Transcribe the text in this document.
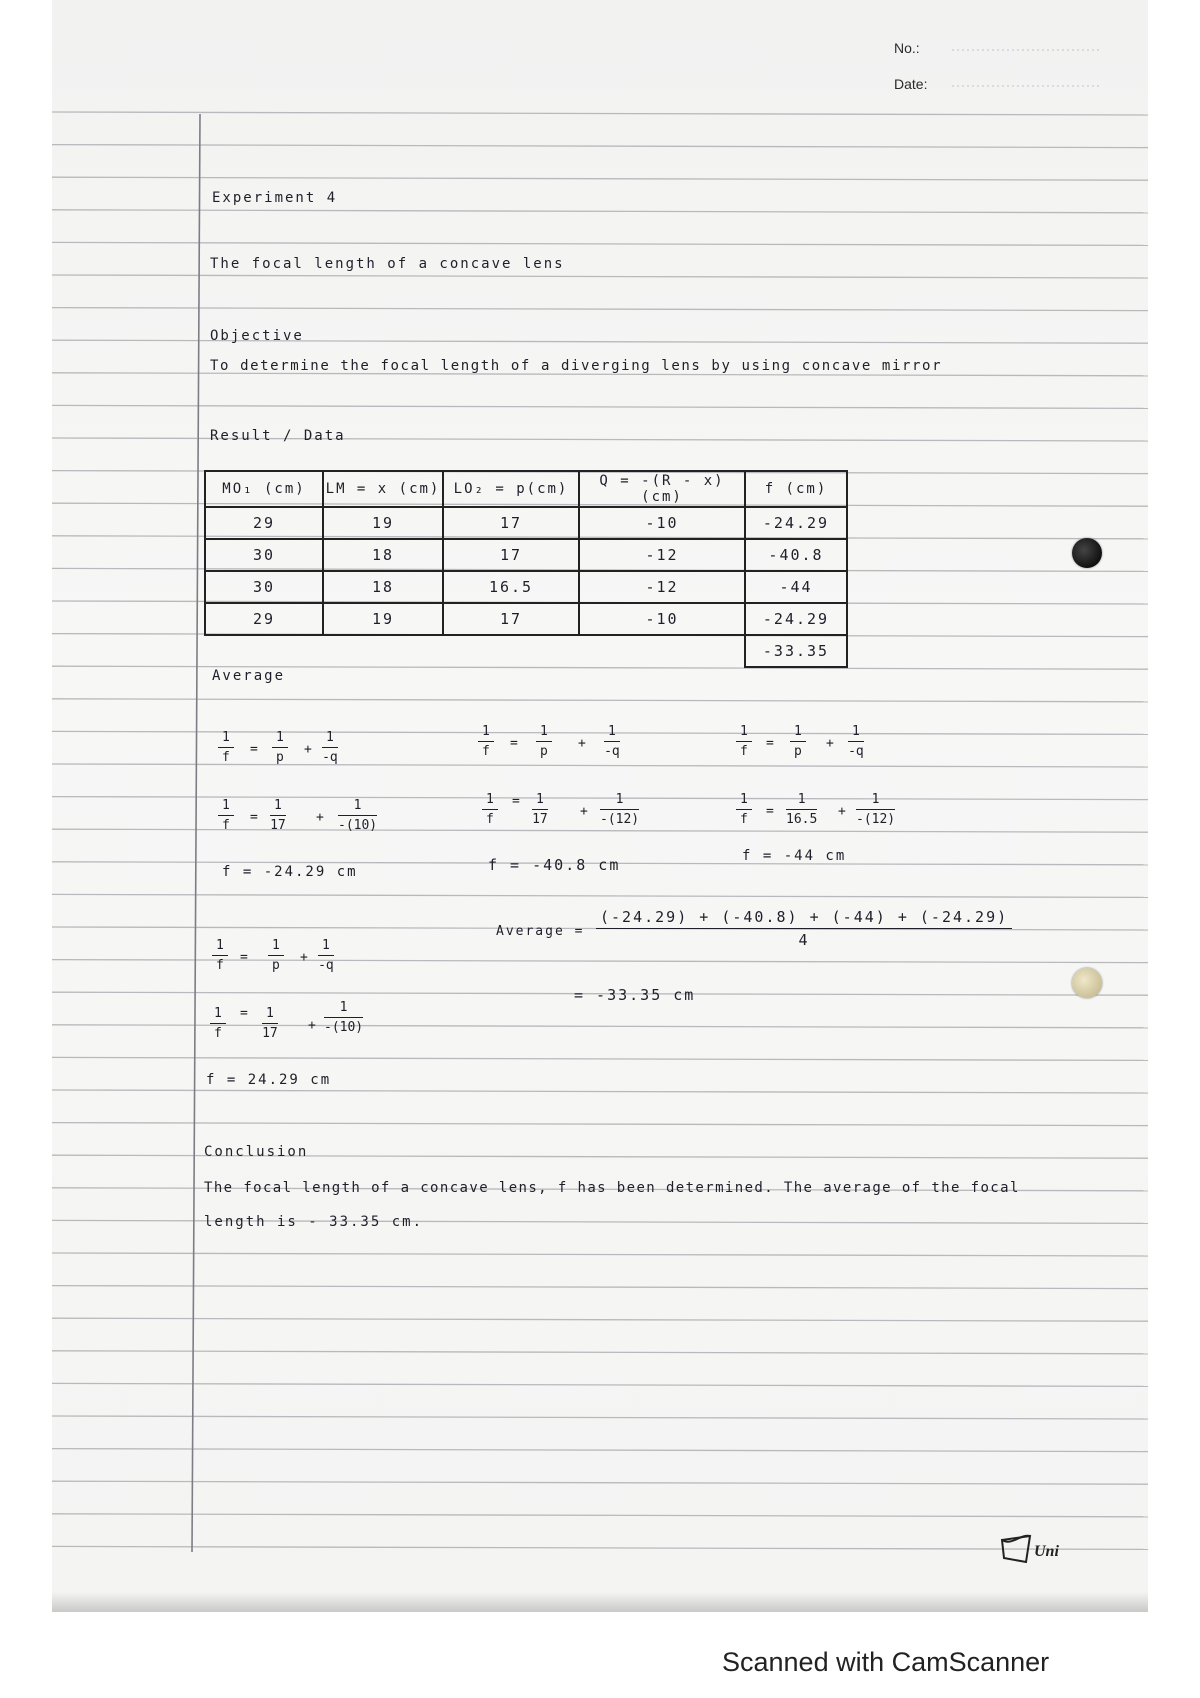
No.:
Date:
Experiment 4
The focal length of a concave lens
Objective
To determine the focal length of a diverging lens by using concave mirror
Result / Data
MO₁ (cm)	LM = x (cm)	LO₂ = p(cm)	Q = -(R - x)(cm)	f (cm)
29	19	17	-10	-24.29
30	18	17	-12	-40.8
30	18	16.5	-12	-44
29	19	17	-10	-24.29
				-33.35
Average
1
f
=
1
p
+
1
-q
1
f
=
1
17
+
1
-(10)
f = -24.29 cm
1
f
=
1
p
+
1
-q
1
f
=	1
17
+
1
-(12)
f = -40.8 cm
1
f
=
1
p
+
1
-q
1
f
=
1
16.5
+
1
-(12)
f = -44 cm
1
f
=
1
p
+
1
-q
1
f
=	1
17
+
1
-(10)
f = 24.29 cm
Average =
(-24.29) + (-40.8) + (-44) + (-24.29)
4
= -33.35 cm
Conclusion
The focal length of a concave lens, f has been determined. The average of the focal
length is - 33.35 cm.
Uni
Scanned with CamScanner
